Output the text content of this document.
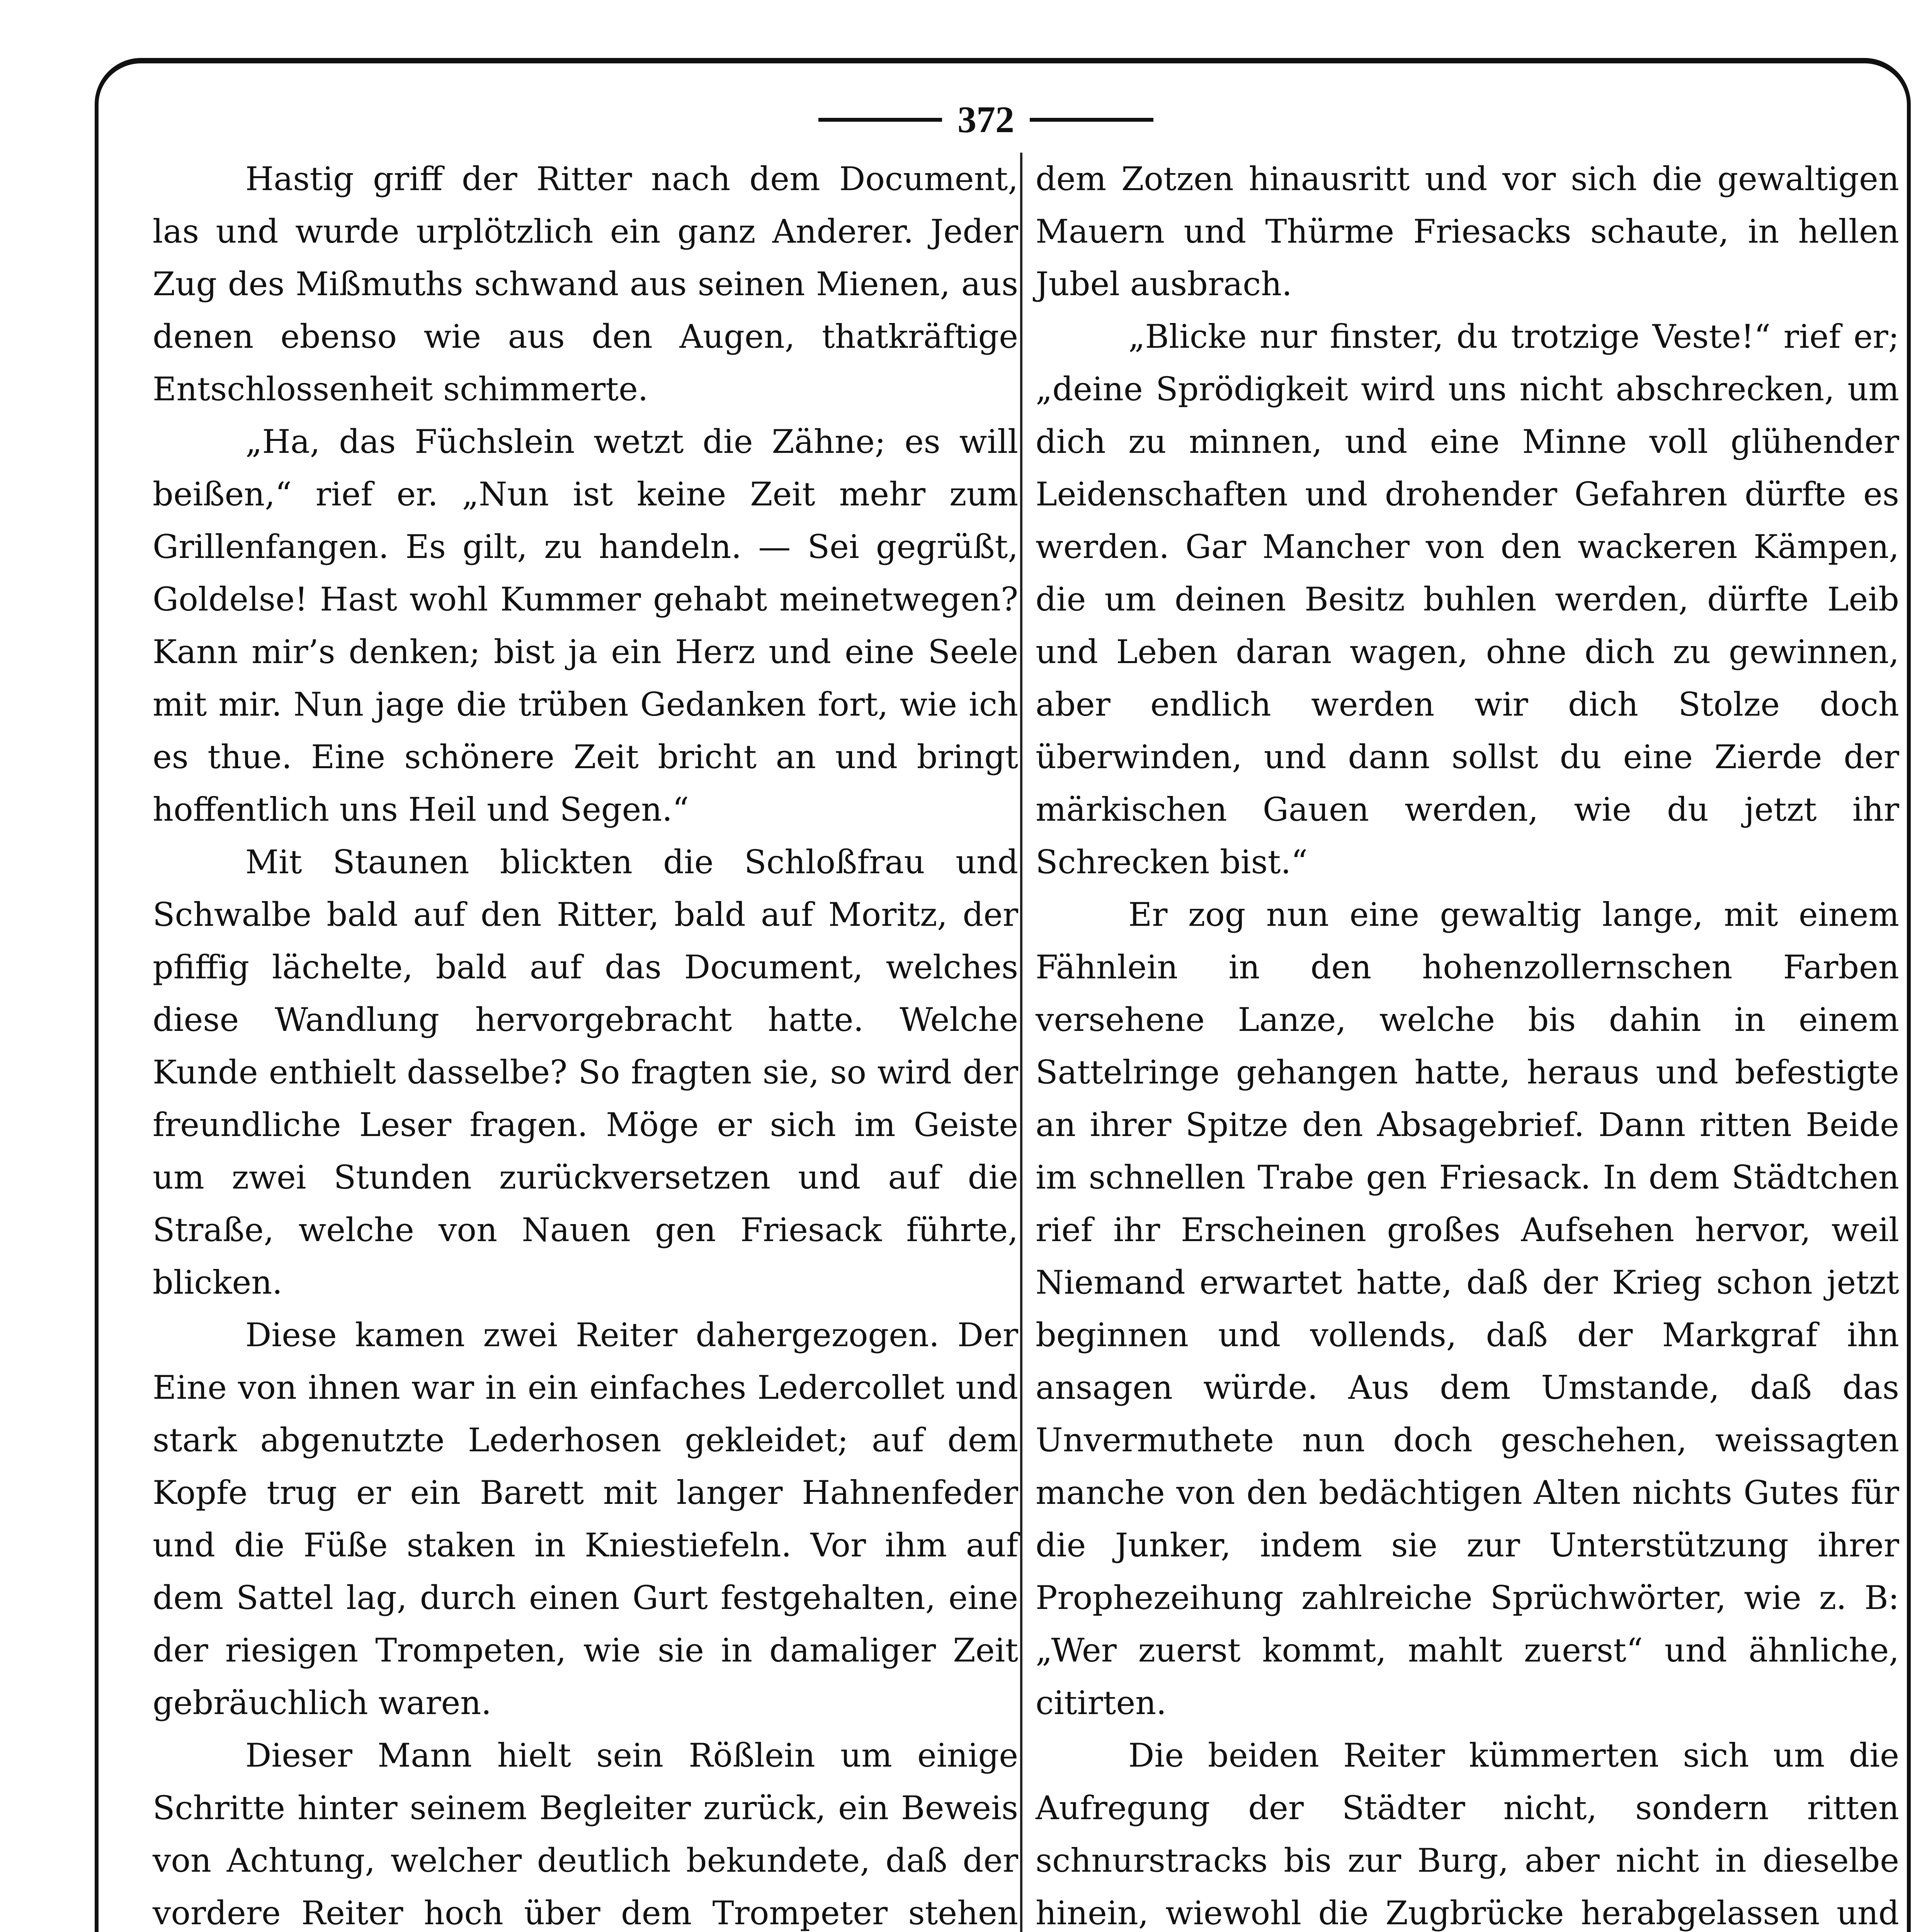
372

Hastig griff der Ritter nach dem Document, las und wurde urplötzlich ein ganz Anderer. Jeder Zug des Mißmuths schwand aus seinen Mienen, aus denen ebenso wie aus den Augen, thatkräftige Entschlossenheit schimmerte.

„Ha, das Füchslein wetzt die Zähne; es will beißen,“ rief er. „Nun ist keine Zeit mehr zum Grillenfangen. Es gilt, zu handeln. — Sei gegrüßt, Goldelse! Hast wohl Kummer gehabt meinetwegen? Kann mir’s denken; bist ja ein Herz und eine Seele mit mir. Nun jage die trüben Gedanken fort, wie ich es thue. Eine schönere Zeit bricht an und bringt hoffentlich uns Heil und Segen.“

Mit Staunen blickten die Schloßfrau und Schwalbe bald auf den Ritter, bald auf Moritz, der pfiffig lächelte, bald auf das Document, welches diese Wandlung hervorgebracht hatte. Welche Kunde enthielt dasselbe? So fragten sie, so wird der freundliche Leser fragen. Möge er sich im Geiste um zwei Stunden zurückversetzen und auf die Straße, welche von Nauen gen Friesack führte, blicken.

Diese kamen zwei Reiter dahergezogen. Der Eine von ihnen war in ein einfaches Ledercollet und stark abgenutzte Lederhosen gekleidet; auf dem Kopfe trug er ein Barett mit langer Hahnenfeder und die Füße staken in Kniestiefeln. Vor ihm auf dem Sattel lag, durch einen Gurt festgehalten, eine der riesigen Trompeten, wie sie in damaliger Zeit gebräuchlich waren.

Dieser Mann hielt sein Rößlein um einige Schritte hinter seinem Begleiter zurück, ein Beweis von Achtung, welcher deutlich bekundete, daß der vordere Reiter hoch über dem Trompeter stehen

dem Zotzen hinausritt und vor sich die gewaltigen Mauern und Thürme Friesacks schaute, in hellen Jubel ausbrach.

„Blicke nur finster, du trotzige Veste!“ rief er; „deine Sprödigkeit wird uns nicht abschrecken, um dich zu minnen, und eine Minne voll glühender Leidenschaften und drohender Gefahren dürfte es werden. Gar Mancher von den wackeren Kämpen, die um deinen Besitz buhlen werden, dürfte Leib und Leben daran wagen, ohne dich zu gewinnen, aber endlich werden wir dich Stolze doch überwinden, und dann sollst du eine Zierde der märkischen Gauen werden, wie du jetzt ihr Schrecken bist.“

Er zog nun eine gewaltig lange, mit einem Fähnlein in den hohenzollernschen Farben versehene Lanze, welche bis dahin in einem Sattelringe gehangen hatte, heraus und befestigte an ihrer Spitze den Absagebrief. Dann ritten Beide im schnellen Trabe gen Friesack. In dem Städtchen rief ihr Erscheinen großes Aufsehen hervor, weil Niemand erwartet hatte, daß der Krieg schon jetzt beginnen und vollends, daß der Markgraf ihn ansagen würde. Aus dem Umstande, daß das Unvermuthete nun doch geschehen, weissagten manche von den bedächtigen Alten nichts Gutes für die Junker, indem sie zur Unterstützung ihrer Prophezeihung zahlreiche Sprüchwörter, wie z. B: „Wer zuerst kommt, mahlt zuerst“ und ähnliche, citirten.

Die beiden Reiter kümmerten sich um die Aufregung der Städter nicht, sondern ritten schnurstracks bis zur Burg, aber nicht in dieselbe hinein, wiewohl die Zugbrücke herabgelassen und
